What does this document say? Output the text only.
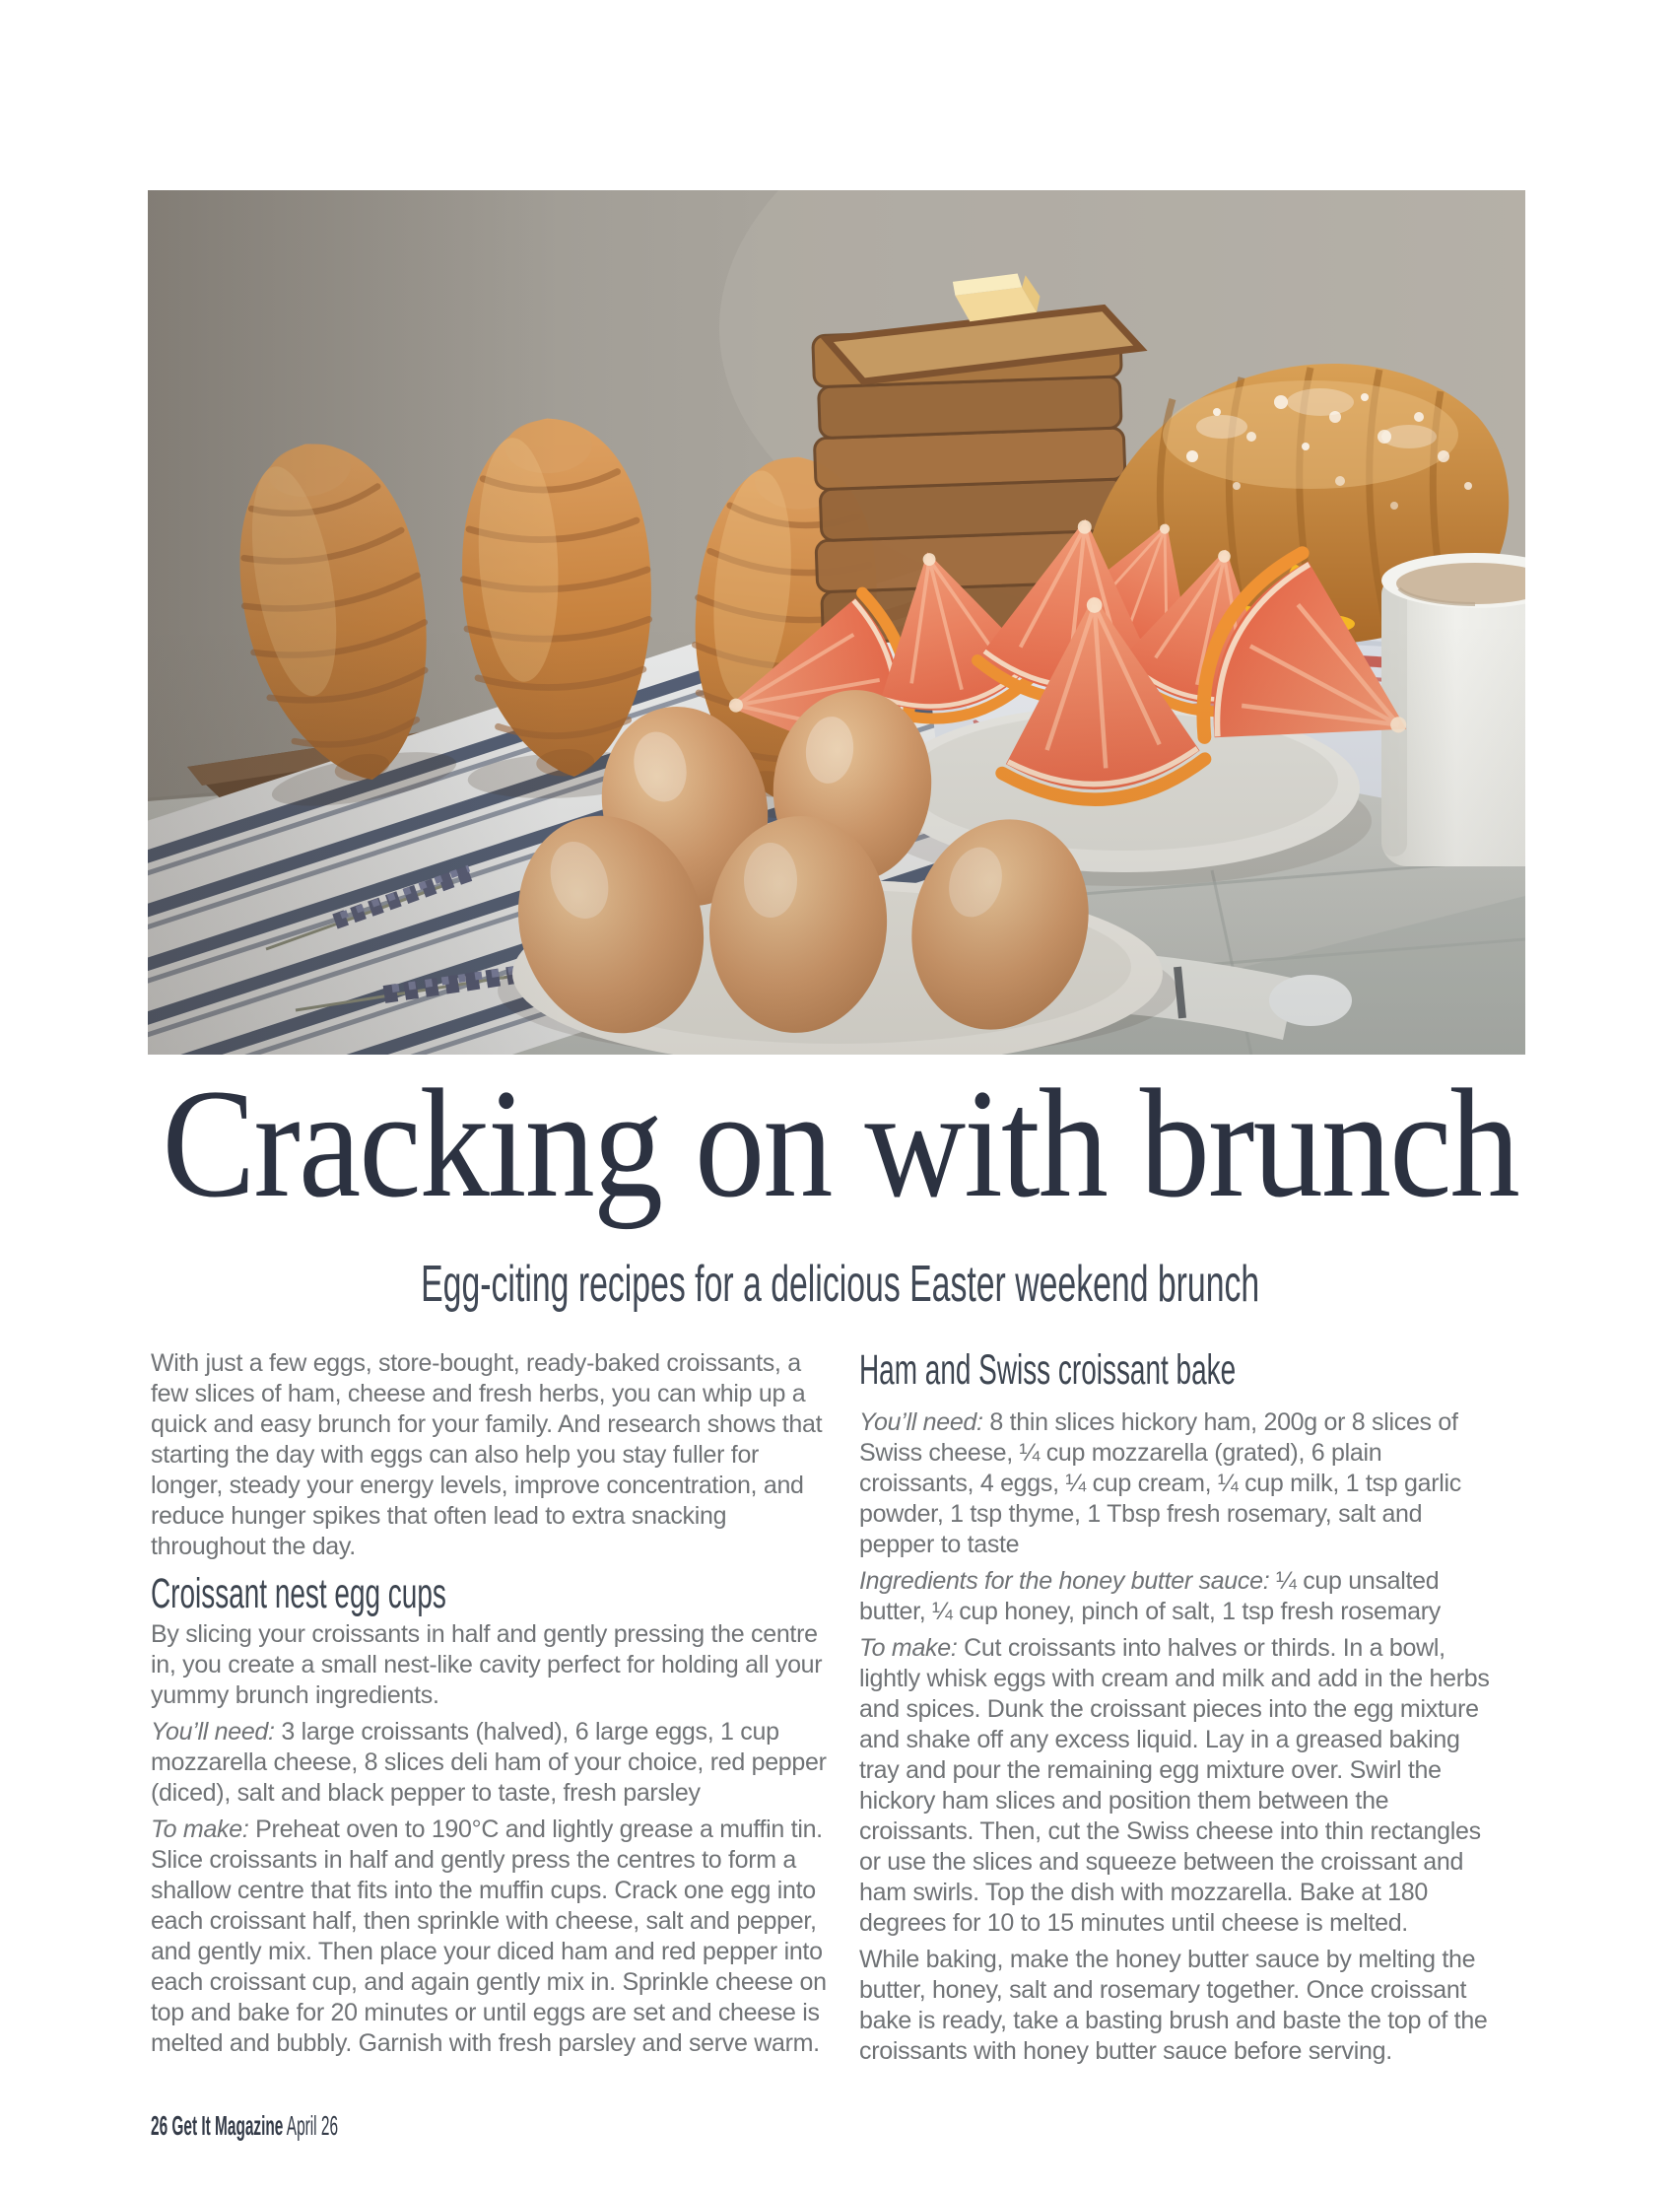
Cracking on with brunch
Egg-citing recipes for a delicious Easter weekend brunch

With just a few eggs, store-bought, ready-baked croissants, a few slices of ham, cheese and fresh herbs, you can whip up a quick and easy brunch for your family. And research shows that starting the day with eggs can also help you stay fuller for longer, steady your energy levels, improve concentration, and reduce hunger spikes that often lead to extra snacking throughout the day.

Croissant nest egg cups

By slicing your croissants in half and gently pressing the centre in, you create a small nest-like cavity perfect for holding all your yummy brunch ingredients.

You’ll need: 3 large croissants (halved), 6 large eggs, 1 cup mozzarella cheese, 8 slices deli ham of your choice, red pepper (diced), salt and black pepper to taste, fresh parsley

To make: Preheat oven to 190°C and lightly grease a muffin tin. Slice croissants in half and gently press the centres to form a shallow centre that fits into the muffin cups. Crack one egg into each croissant half, then sprinkle with cheese, salt and pepper, and gently mix. Then place your diced ham and red pepper into each croissant cup, and again gently mix in. Sprinkle cheese on top and bake for 20 minutes or until eggs are set and cheese is melted and bubbly. Garnish with fresh parsley and serve warm.

Ham and Swiss croissant bake

You’ll need: 8 thin slices hickory ham, 200g or 8 slices of Swiss cheese, ¼ cup mozzarella (grated), 6 plain croissants, 4 eggs, ¼ cup cream, ¼ cup milk, 1 tsp garlic powder, 1 tsp thyme, 1 Tbsp fresh rosemary, salt and pepper to taste

Ingredients for the honey butter sauce: ¼ cup unsalted butter, ¼ cup honey, pinch of salt, 1 tsp fresh rosemary

To make: Cut croissants into halves or thirds. In a bowl, lightly whisk eggs with cream and milk and add in the herbs and spices. Dunk the croissant pieces into the egg mixture and shake off any excess liquid. Lay in a greased baking tray and pour the remaining egg mixture over. Swirl the hickory ham slices and position them between the croissants. Then, cut the Swiss cheese into thin rectangles or use the slices and squeeze between the croissant and ham swirls. Top the dish with mozzarella. Bake at 180 degrees for 10 to 15 minutes until cheese is melted.

While baking, make the honey butter sauce by melting the butter, honey, salt and rosemary together. Once croissant bake is ready, take a basting brush and baste the top of the croissants with honey butter sauce before serving.

26 Get It Magazine April 26
